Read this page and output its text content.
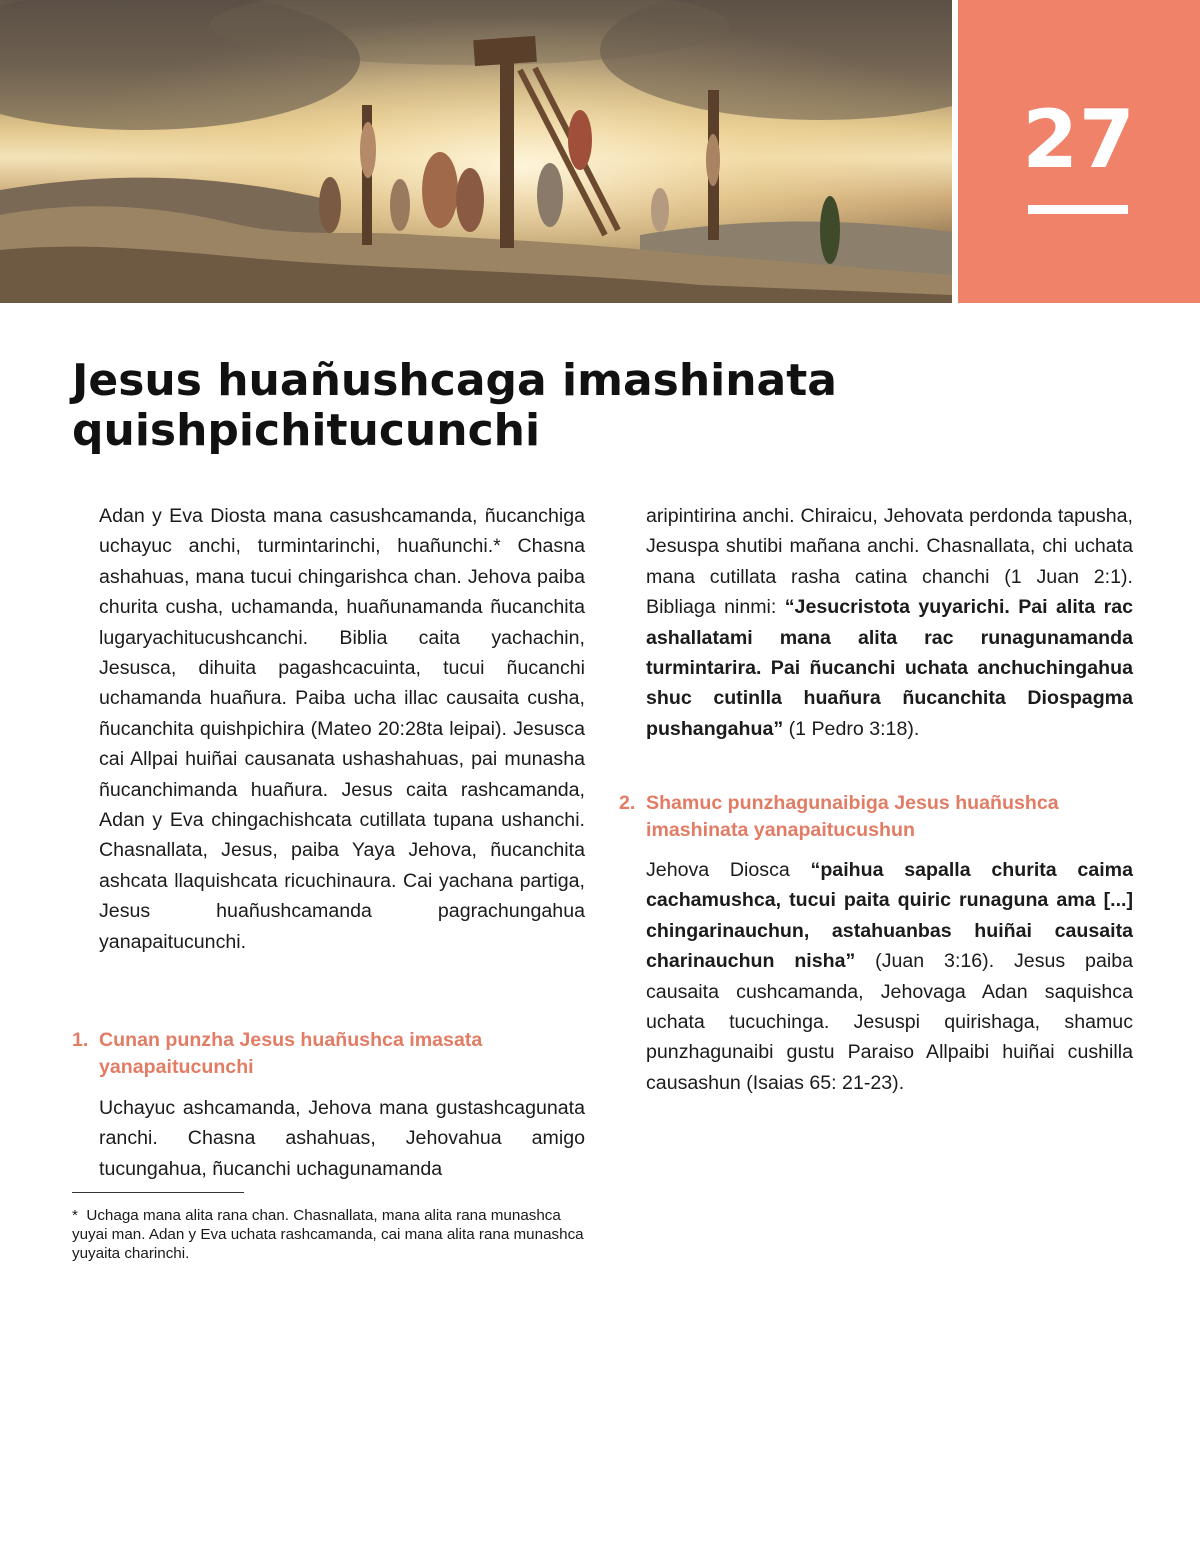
27
Jesus huañushcaga imashinata
quishpichitucunchi

Adan y Eva Diosta mana casushcamanda, ñucanchiga uchayuc anchi, turmintarinchi, huañunchi.* Chasna ashahuas, mana tucui chingarishca chan. Jehova paiba churita cusha, uchamanda, huañunamanda ñucanchita lugaryachitucushcanchi. Biblia caita yachachin, Jesusca, dihuita pagashcacuinta, tucui ñucanchi uchamanda huañura. Paiba ucha illac causaita cusha, ñucanchita quishpichira (Mateo 20:28ta leipai). Jesusca cai Allpai huiñai causanata ushashahuas, pai munasha ñucanchimanda huañura. Jesus caita rashcamanda, Adan y Eva chingachishcata cutillata tupana ushanchi. Chasnallata, Jesus, paiba Yaya Jehova, ñucanchita ashcata llaquishcata ricuchinaura. Cai yachana partiga, Jesus huañushcamanda pagrachungahua yanapaitucunchi.

1. Cunan punzha Jesus huañushca imasata yanapaitucunchi

Uchayuc ashcamanda, Jehova mana gustashcagunata ranchi. Chasna ashahuas, Jehovahua amigo tucungahua, ñucanchi uchagunamanda

* Uchaga mana alita rana chan. Chasnallata, mana alita rana munashca yuyai man. Adan y Eva uchata rashcamanda, cai mana alita rana munashca yuyaita charinchi.

aripintirina anchi. Chiraicu, Jehovata perdonda tapusha, Jesuspa shutibi mañana anchi. Chasnallata, chi uchata mana cutillata rasha catina chanchi (1 Juan 2:1). Bibliaga ninmi: “Jesucristota yuyarichi. Pai alita rac ashallatami mana alita rac runagunamanda turmintarira. Pai ñucanchi uchata anchuchingahua shuc cutinlla huañura ñucanchita Diospagma pushangahua” (1 Pedro 3:18).

2. Shamuc punzhagunaibiga Jesus huañushca imashinata yanapaitucushun

Jehova Diosca “paihua sapalla churita caima cachamushca, tucui paita quiric runaguna ama [...] chingarinauchun, astahuanbas huiñai causaita charinauchun nisha” (Juan 3:16). Jesus paiba causaita cushcamanda, Jehovaga Adan saquishca uchata tucuchinga. Jesuspi quirishaga, shamuc punzhagunaibi gustu Paraiso Allpaibi huiñai cushilla causashun (Isaias 65: 21-23).
